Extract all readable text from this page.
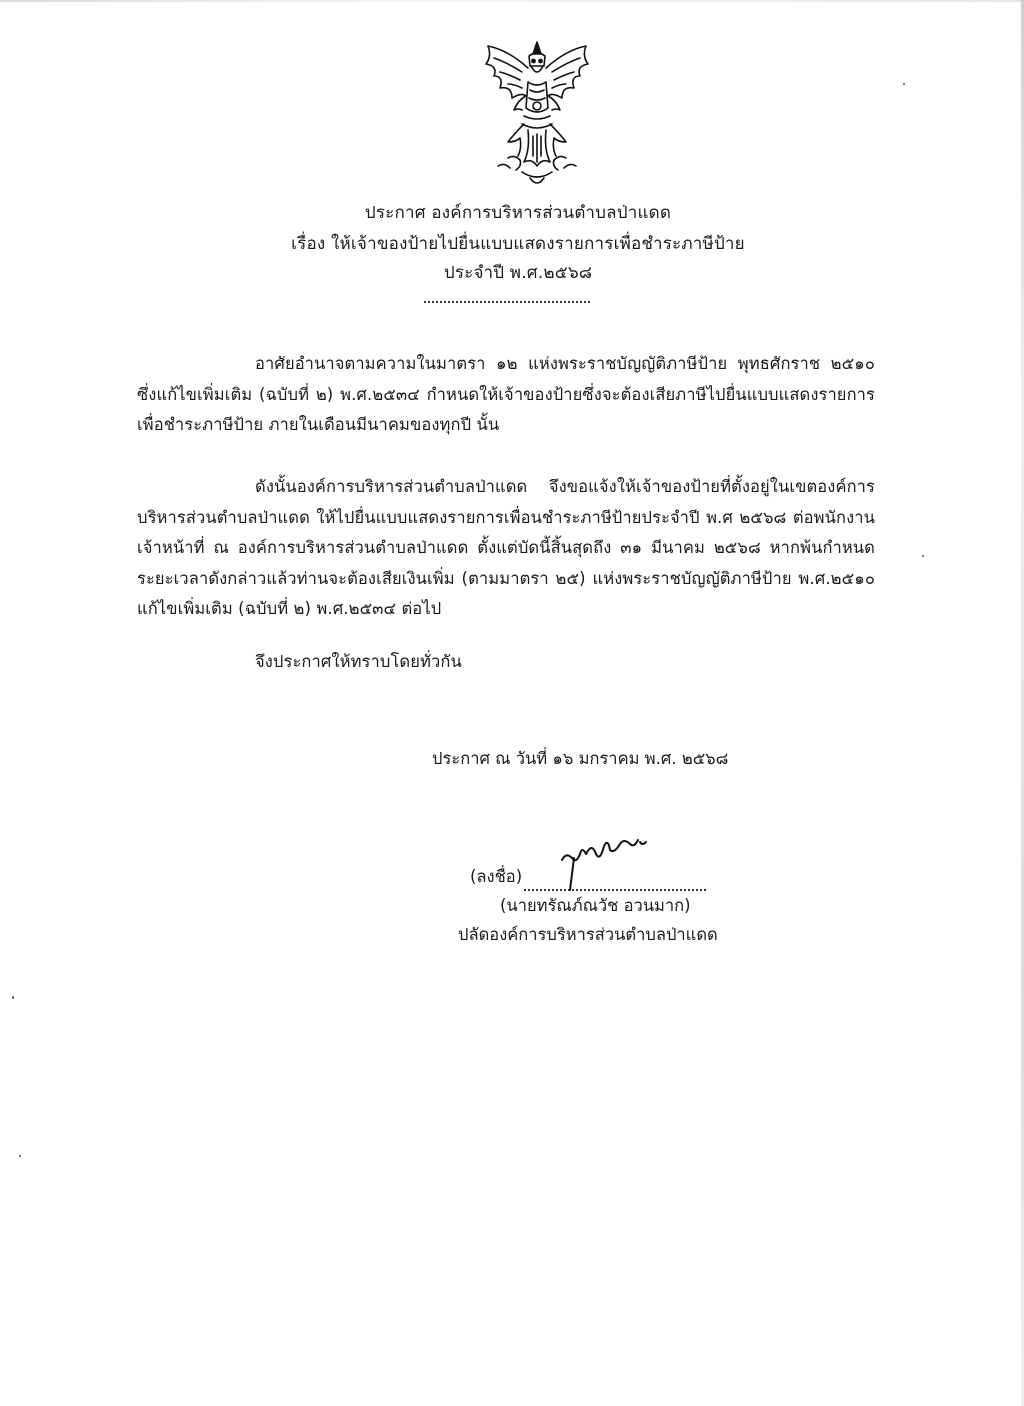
ประกาศ องค์การบริหารส่วนตำบลป่าแดด
เรื่อง ให้เจ้าของป้ายไปยื่นแบบแสดงรายการเพื่อชำระภาษีป้าย
ประจำปี พ.ศ.๒๕๖๘
อาศัยอำนาจตามความในมาตรา ๑๒ แห่งพระราชบัญญัติภาษีป้าย พุทธศักราช ๒๕๑๐ ซึ่งแก้ไขเพิ่มเติม (ฉบับที่ ๒) พ.ศ.๒๕๓๔ กำหนดให้เจ้าของป้ายซึ่งจะต้องเสียภาษีไปยื่นแบบแสดงรายการ เพื่อชำระภาษีป้าย ภายในเดือนมีนาคมของทุกปี นั้น
ดังนั้นองค์การบริหารส่วนตำบลป่าแดด จึงขอแจ้งให้เจ้าของป้ายที่ตั้งอยู่ในเขตองค์การ บริหารส่วนตำบลป่าแดด ให้ไปยื่นแบบแสดงรายการเพื่อนชำระภาษีป้ายประจำปี พ.ศ ๒๕๖๘ ต่อพนักงาน เจ้าหน้าที่ ณ องค์การบริหารส่วนตำบลป่าแดด ตั้งแต่บัดนี้สิ้นสุดถึง ๓๑ มีนาคม ๒๕๖๘ หากพ้นกำหนด ระยะเวลาดังกล่าวแล้วท่านจะต้องเสียเงินเพิ่ม (ตามมาตรา ๒๕) แห่งพระราชบัญญัติภาษีป้าย พ.ศ.๒๕๑๐ แก้ไขเพิ่มเติม (ฉบับที่ ๒) พ.ศ.๒๕๓๔ ต่อไป
จึงประกาศให้ทราบโดยทั่วกัน
ประกาศ ณ วันที่ ๑๖ มกราคม พ.ศ. ๒๕๖๘
(ลงชื่อ)
(นายทรัณภ์ณวัช อวนมาก)
ปลัดองค์การบริหารส่วนตำบลป่าแดด
